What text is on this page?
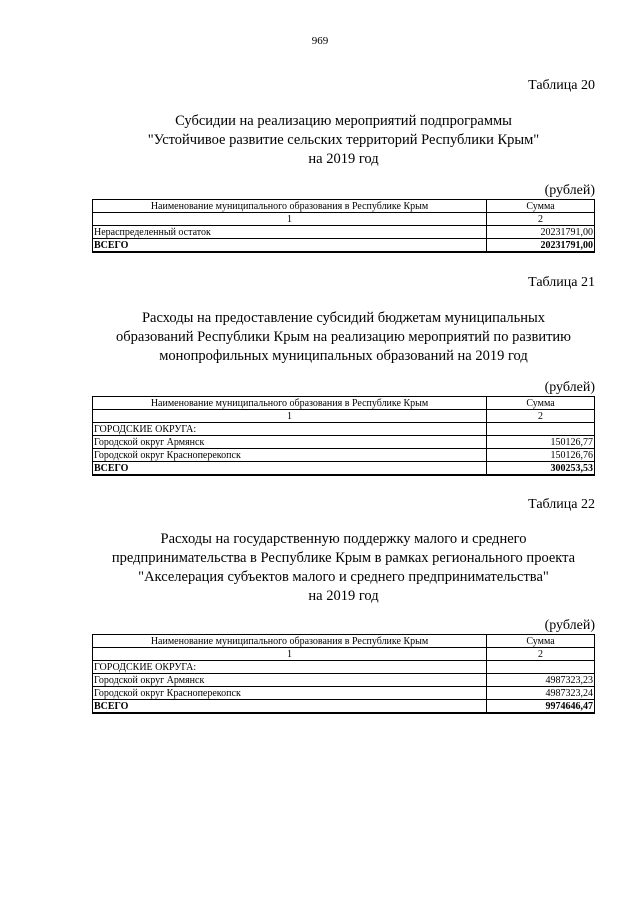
969
Таблица 20
Субсидии на реализацию мероприятий подпрограммы
"Устойчивое развитие сельских территорий Республики Крым"
на 2019 год
(рублей)
Наименование муниципального образования в Республике Крым	Сумма
1	2
Нераспределенный остаток	20231791,00
ВСЕГО	20231791,00
Таблица 21
Расходы на предоставление субсидий бюджетам муниципальных
образований Республики Крым на реализацию мероприятий по развитию
монопрофильных муниципальных образований на 2019 год
(рублей)
Наименование муниципального образования в Республике Крым	Сумма
1	2
ГОРОДСКИЕ ОКРУГА:	
Городской округ Армянск	150126,77
Городской округ Красноперекопск	150126,76
ВСЕГО	300253,53
Таблица 22
Расходы на государственную поддержку малого и среднего
предпринимательства в Республике Крым в рамках регионального проекта
"Акселерация субъектов малого и среднего предпринимательства"
на 2019 год
(рублей)
Наименование муниципального образования в Республике Крым	Сумма
1	2
ГОРОДСКИЕ ОКРУГА:	
Городской округ Армянск	4987323,23
Городской округ Красноперекопск	4987323,24
ВСЕГО	9974646,47
